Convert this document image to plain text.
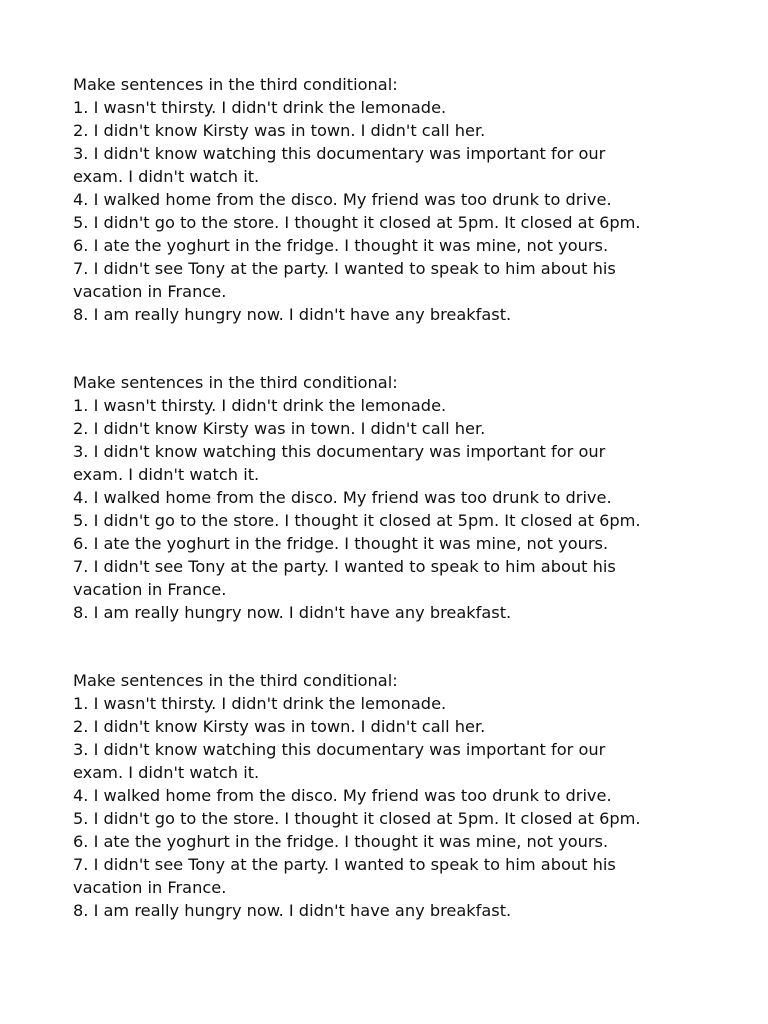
Make sentences in the third conditional:
1. I wasn't thirsty. I didn't drink the lemonade.
2. I didn't know Kirsty was in town. I didn't call her.
3. I didn't know watching this documentary was important for our
exam. I didn't watch it.
4. I walked home from the disco. My friend was too drunk to drive.
5. I didn't go to the store. I thought it closed at 5pm. It closed at 6pm.
6. I ate the yoghurt in the fridge. I thought it was mine, not yours.
7. I didn't see Tony at the party. I wanted to speak to him about his
vacation in France.
8. I am really hungry now. I didn't have any breakfast.
Make sentences in the third conditional:
1. I wasn't thirsty. I didn't drink the lemonade.
2. I didn't know Kirsty was in town. I didn't call her.
3. I didn't know watching this documentary was important for our
exam. I didn't watch it.
4. I walked home from the disco. My friend was too drunk to drive.
5. I didn't go to the store. I thought it closed at 5pm. It closed at 6pm.
6. I ate the yoghurt in the fridge. I thought it was mine, not yours.
7. I didn't see Tony at the party. I wanted to speak to him about his
vacation in France.
8. I am really hungry now. I didn't have any breakfast.
Make sentences in the third conditional:
1. I wasn't thirsty. I didn't drink the lemonade.
2. I didn't know Kirsty was in town. I didn't call her.
3. I didn't know watching this documentary was important for our
exam. I didn't watch it.
4. I walked home from the disco. My friend was too drunk to drive.
5. I didn't go to the store. I thought it closed at 5pm. It closed at 6pm.
6. I ate the yoghurt in the fridge. I thought it was mine, not yours.
7. I didn't see Tony at the party. I wanted to speak to him about his
vacation in France.
8. I am really hungry now. I didn't have any breakfast.
